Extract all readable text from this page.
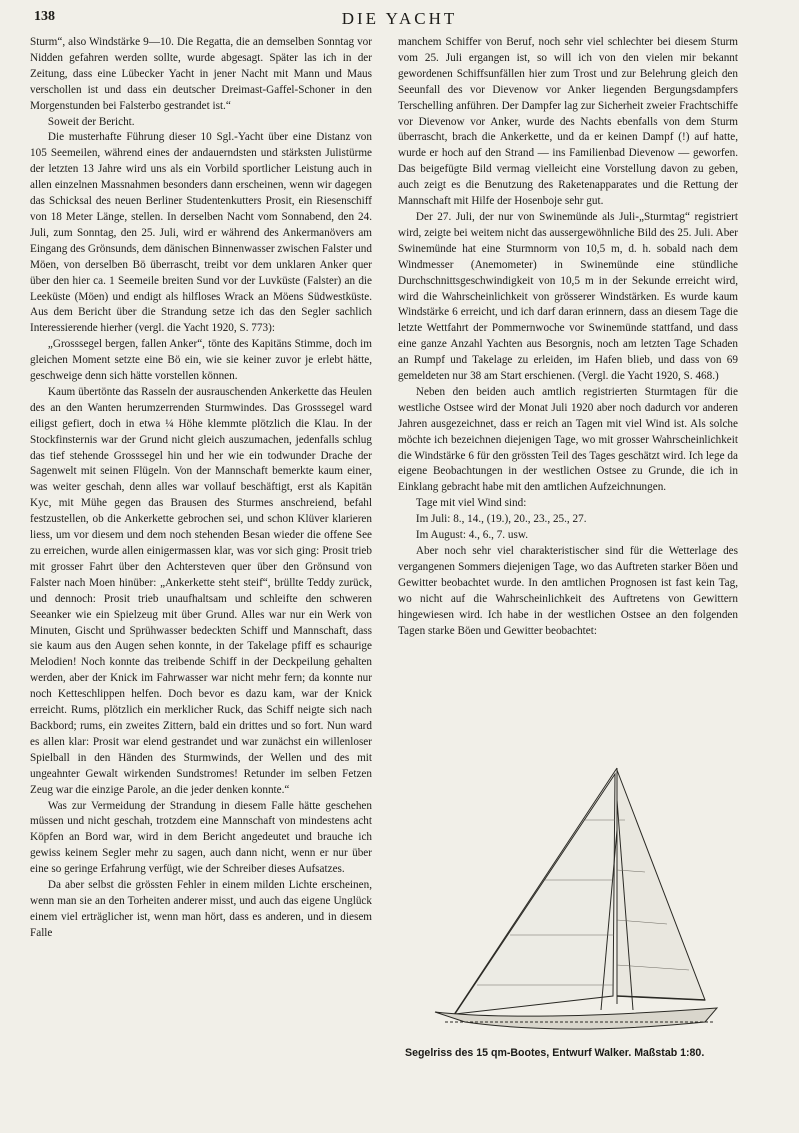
138	DIE YACHT

Sturm“, also Windstärke 9—10. Die Regatta, die an demselben Sonntag vor Nidden gefahren werden sollte, wurde abgesagt. Später las ich in der Zeitung, dass eine Lübecker Yacht in jener Nacht mit Mann und Maus verschollen ist und dass ein deutscher Dreimast-Gaffel-Schoner in den Morgenstunden bei Falsterbo gestrandet ist.“

Soweit der Bericht.

Die musterhafte Führung dieser 10 Sgl.-Yacht über eine Distanz von 105 Seemeilen, während eines der andauerndsten und stärksten Julistürme der letzten 13 Jahre wird uns als ein Vorbild sportlicher Leistung auch in allen einzelnen Massnahmen besonders dann erscheinen, wenn wir dagegen das Schicksal des neuen Berliner Studentenkutters Prosit, ein Riesenschiff von 18 Meter Länge, stellen. In derselben Nacht vom Sonnabend, den 24. Juli, zum Sonntag, den 25. Juli, wird er während des Ankermanövers am Eingang des Grönsunds, dem dänischen Binnenwasser zwischen Falster und Möen, von derselben Bö überrascht, treibt vor dem unklaren Anker quer über den hier ca. 1 Seemeile breiten Sund vor der Luvküste (Falster) an die Leeküste (Möen) und endigt als hilfloses Wrack an Möens Südwestküste. Aus dem Bericht über die Strandung setze ich das den Segler sachlich Interessierende hierher (vergl. die Yacht 1920, S. 773):

„Grosssegel bergen, fallen Anker“, tönte des Kapitäns Stimme, doch im gleichen Moment setzte eine Bö ein, wie sie keiner zuvor je erlebt hätte, geschweige denn sich hätte vorstellen können.

Kaum übertönte das Rasseln der ausrauschenden Ankerkette das Heulen des an den Wanten herumzerrenden Sturmwindes. Das Grosssegel ward eiligst gefiert, doch in etwa ¼ Höhe klemmte plötzlich die Klau. In der Stockfinsternis war der Grund nicht gleich auszumachen, jedenfalls schlug das tief stehende Grosssegel hin und her wie ein todwunder Drache der Sagenwelt mit seinen Flügeln. Von der Mannschaft bemerkte kaum einer, was weiter geschah, denn alles war vollauf beschäftigt, erst als Kapitän Kyc, mit Mühe gegen das Brausen des Sturmes anschreiend, befahl festzustellen, ob die Ankerkette gebrochen sei, und schon Klüver klarieren liess, um vor diesem und dem noch stehenden Besan wieder die offene See zu erreichen, wurde allen einigermassen klar, was vor sich ging: Prosit trieb mit grosser Fahrt über den Achtersteven quer über den Grönsund von Falster nach Moen hinüber: „Ankerkette steht steif“, brüllte Teddy zurück, und dennoch: Prosit trieb unaufhaltsam und schleifte den schweren Seeanker wie ein Spielzeug mit über Grund. Alles war nur ein Werk von Minuten, Gischt und Sprühwasser bedeckten Schiff und Mannschaft, dass sie kaum aus den Augen sehen konnte, in der Takelage pfiff es schaurige Melodien! Noch konnte das treibende Schiff in der Deckpeilung gehalten werden, aber der Knick im Fahrwasser war nicht mehr fern; da konnte nur noch Ketteschlippen helfen. Doch bevor es dazu kam, war der Knick erreicht. Rums, plötzlich ein merklicher Ruck, das Schiff neigte sich nach Backbord; rums, ein zweites Zittern, bald ein drittes und so fort. Nun ward es allen klar: Prosit war elend gestrandet und war zunächst ein willenloser Spielball in den Händen des Sturmwinds, der Wellen und des mit ungeahnter Gewalt wirkenden Sundstromes! Retunder im selben Fetzen Zeug war die einzige Parole, an die jeder denken konnte.“

Was zur Vermeidung der Strandung in diesem Falle hätte geschehen müssen und nicht geschah, trotzdem eine Mannschaft von mindestens acht Köpfen an Bord war, wird in dem Bericht angedeutet und brauche ich gewiss keinem Segler mehr zu sagen, auch dann nicht, wenn er nur über eine so geringe Erfahrung verfügt, wie der Schreiber dieses Aufsatzes.

Da aber selbst die grössten Fehler in einem milden Lichte erscheinen, wenn man sie an den Torheiten anderer misst, und auch das eigene Unglück einem viel erträglicher ist, wenn man hört, dass es anderen, und in diesem Falle

manchem Schiffer von Beruf, noch sehr viel schlechter bei diesem Sturm vom 25. Juli ergangen ist, so will ich von den vielen mir bekannt gewordenen Schiffsunfällen hier zum Trost und zur Belehrung gleich den Seeunfall des vor Dievenow vor Anker liegenden Bergungsdampfers Terschelling anführen. Der Dampfer lag zur Sicherheit zweier Frachtschiffe vor Dievenow vor Anker, wurde des Nachts ebenfalls von dem Sturm überrascht, brach die Ankerkette, und da er keinen Dampf (!) auf hatte, wurde er hoch auf den Strand — ins Familienbad Dievenow — geworfen. Das beigefügte Bild vermag vielleicht eine Vorstellung davon zu geben, auch zeigt es die Benutzung des Raketenapparates und die Rettung der Mannschaft mit Hilfe der Hosenboje sehr gut.

Der 27. Juli, der nur von Swinemünde als Juli-„Sturmtag“ registriert wird, zeigte bei weitem nicht das aussergewöhnliche Bild des 25. Juli. Aber Swinemünde hat eine Sturmnorm von 10,5 m, d. h. sobald nach dem Windmesser (Anemometer) in Swinemünde eine stündliche Durchschnittsgeschwindigkeit von 10,5 m in der Sekunde erreicht wird, wird die Wahrscheinlichkeit von grösserer Windstärken. Es wurde kaum Windstärke 6 erreicht, und ich darf daran erinnern, dass an diesem Tage die letzte Wettfahrt der Pommernwoche vor Swinemünde stattfand, und dass eine ganze Anzahl Yachten aus Besorgnis, noch am letzten Tage Schaden an Rumpf und Takelage zu erleiden, im Hafen blieb, und dass von 69 gemeldeten nur 38 am Start erschienen. (Vergl. die Yacht 1920, S. 468.)

Neben den beiden auch amtlich registrierten Sturmtagen für die westliche Ostsee wird der Monat Juli 1920 aber noch dadurch vor anderen Jahren ausgezeichnet, dass er reich an Tagen mit viel Wind ist. Als solche möchte ich bezeichnen diejenigen Tage, wo mit grosser Wahrscheinlichkeit die Windstärke 6 für den grössten Teil des Tages geschätzt wird. Ich lege da eigene Beobachtungen in der westlichen Ostsee zu Grunde, die ich in Einklang gebracht habe mit den amtlichen Aufzeichnungen.

Tage mit viel Wind sind:

Im Juli: 8., 14., (19.), 20., 23., 25., 27.

Im August: 4., 6., 7. usw.

Aber noch sehr viel charakteristischer sind für die Wetterlage des vergangenen Sommers diejenigen Tage, wo das Auftreten starker Böen und Gewitter beobachtet wurde. In den amtlichen Prognosen ist fast kein Tag, wo nicht auf die Wahrscheinlichkeit des Auftretens von Gewittern hingewiesen wird. Ich habe in der westlichen Ostsee an den folgenden Tagen starke Böen und Gewitter beobachtet:

Segelriss des 15 qm-Bootes, Entwurf Walker. Maßstab 1:80.
